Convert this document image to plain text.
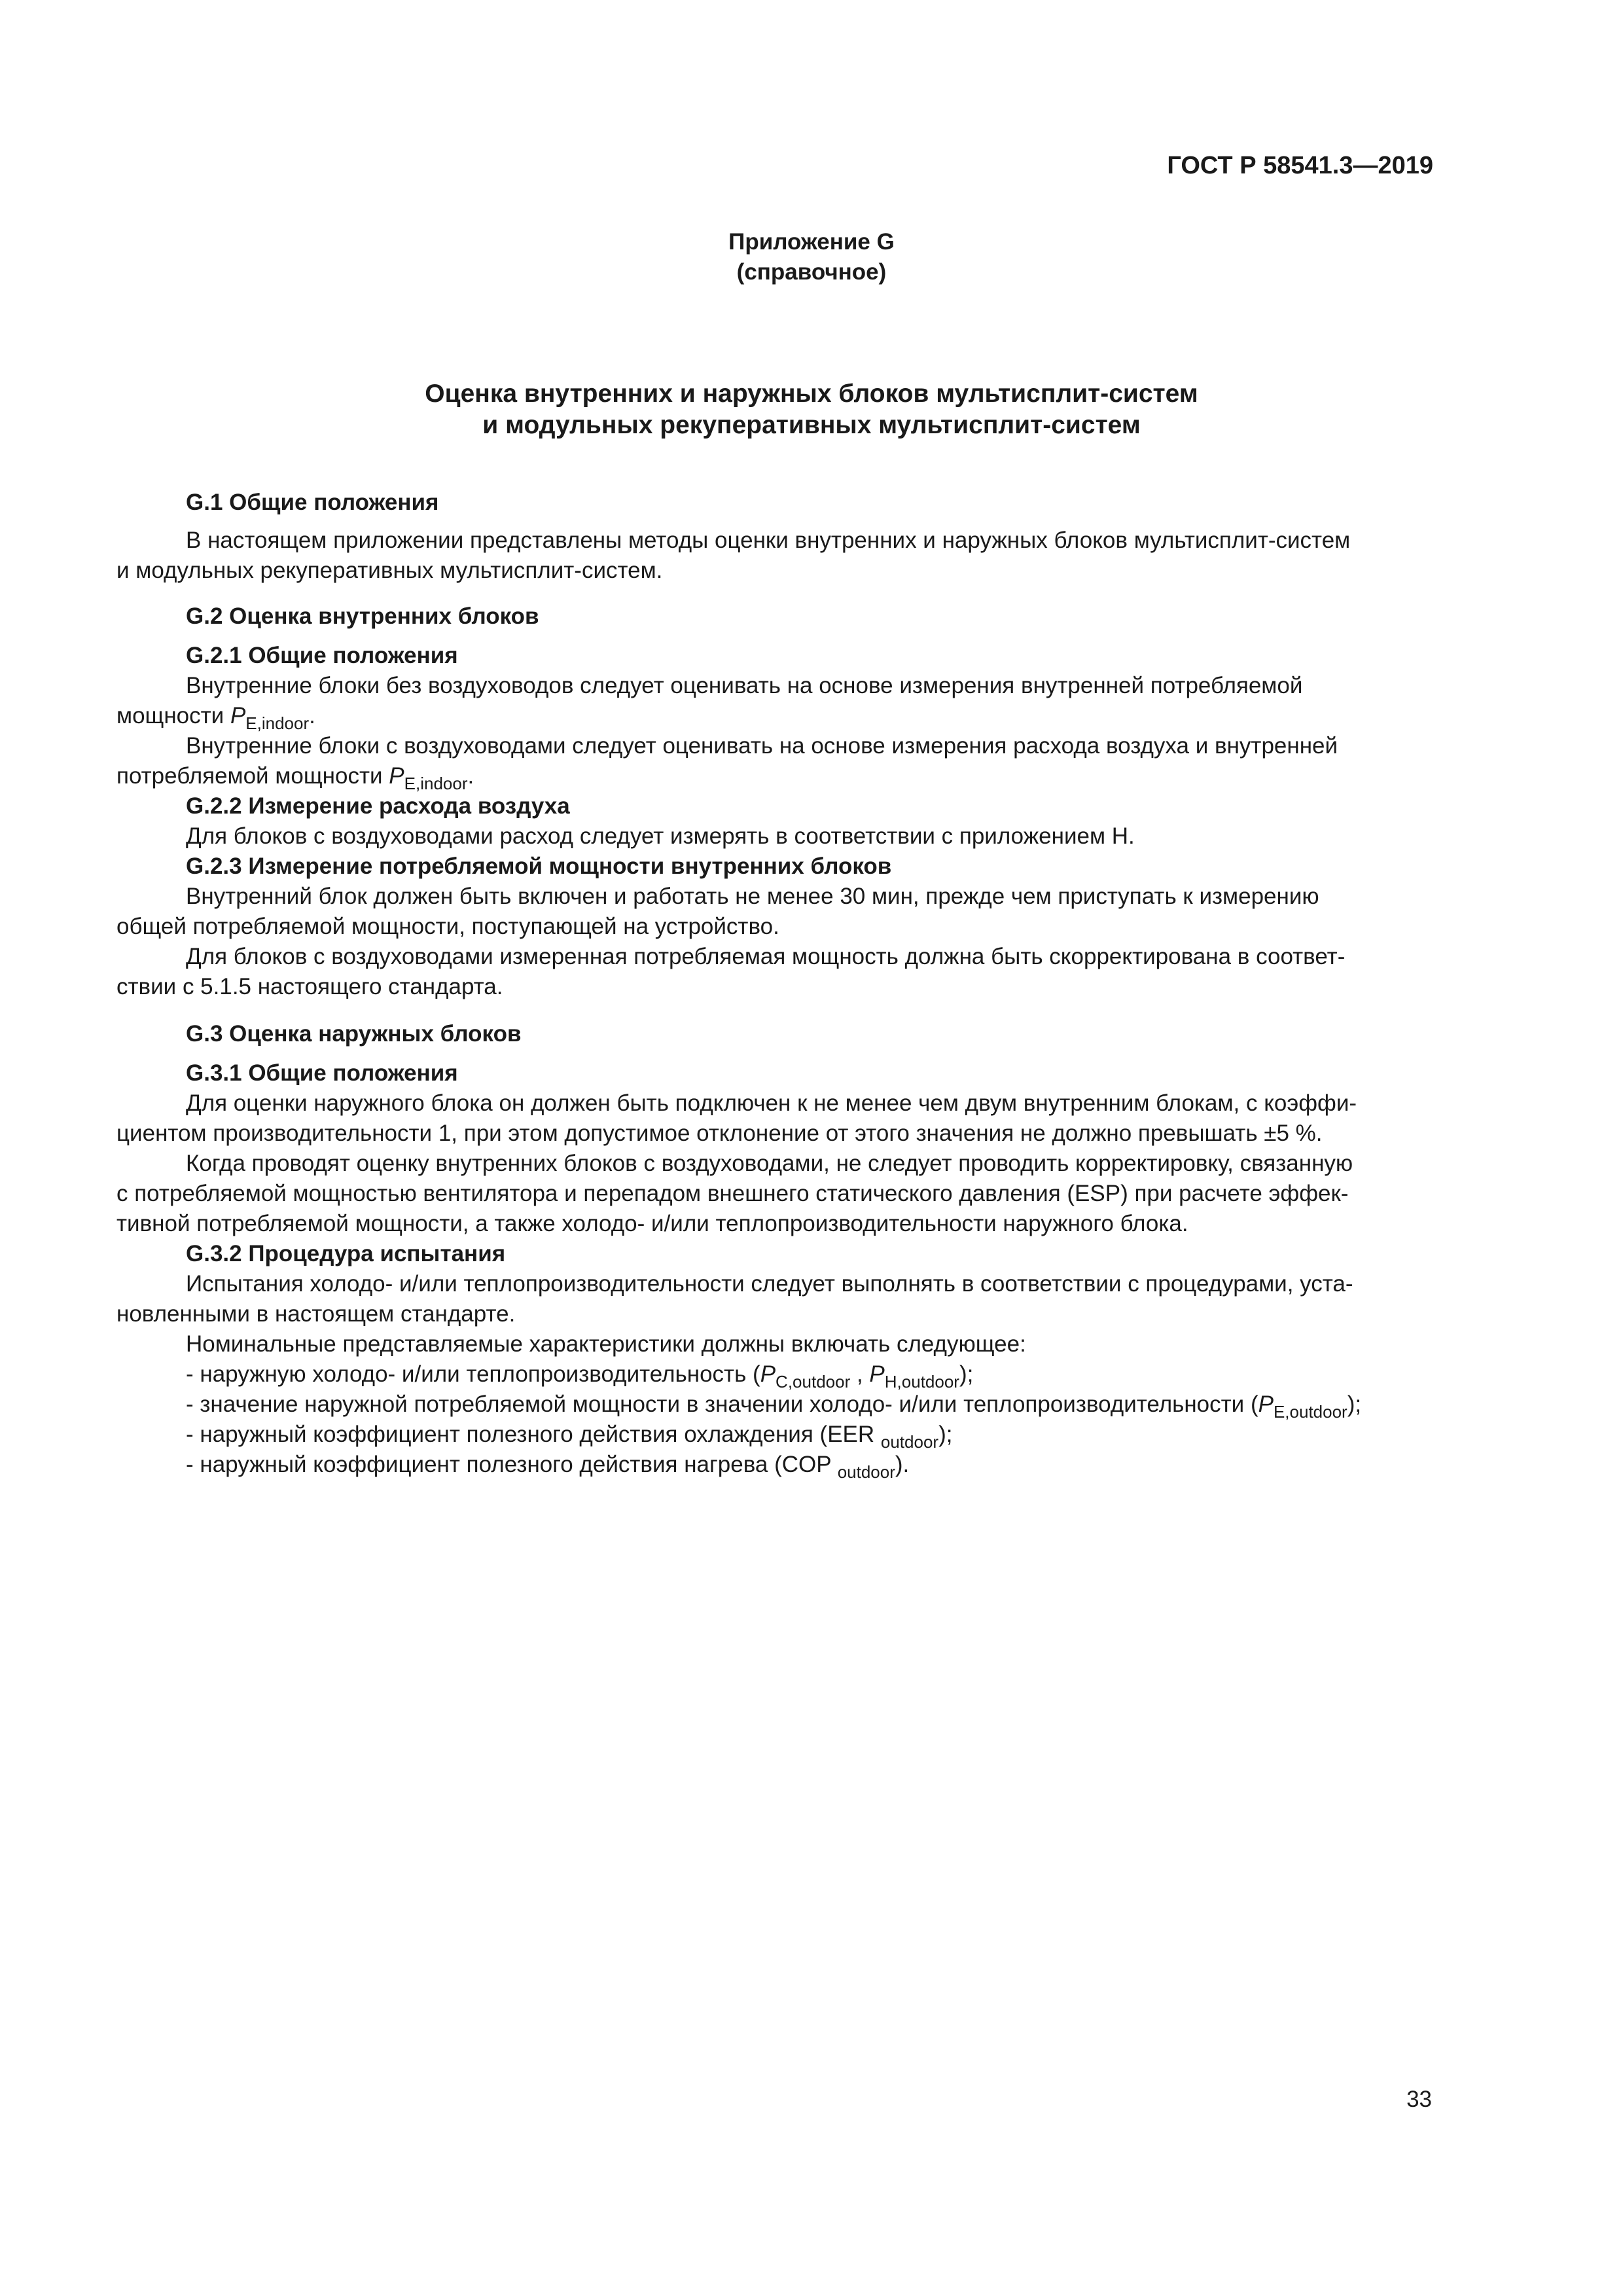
ГОСТ Р 58541.3—2019
Приложение G
(справочное)
Оценка внутренних и наружных блоков мультисплит-систем
и модульных рекуперативных мультисплит-систем
G.1 Общие положения
В настоящем приложении представлены методы оценки внутренних и наружных блоков мультисплит-систем
и модульных рекуперативных мультисплит-систем.
G.2 Оценка внутренних блоков
G.2.1 Общие положения
Внутренние блоки без воздуховодов следует оценивать на основе измерения внутренней потребляемой
мощности $P_{E,indoor}$.
Внутренние блоки с воздуховодами следует оценивать на основе измерения расхода воздуха и внутренней
потребляемой мощности $P_{E,indoor}$.
G.2.2 Измерение расхода воздуха
Для блоков с воздуховодами расход следует измерять в соответствии с приложением Н.
G.2.3 Измерение потребляемой мощности внутренних блоков
Внутренний блок должен быть включен и работать не менее 30 мин, прежде чем приступать к измерению
общей потребляемой мощности, поступающей на устройство.
Для блоков с воздуховодами измеренная потребляемая мощность должна быть скорректирована в соответ-
ствии с 5.1.5 настоящего стандарта.
G.3 Оценка наружных блоков
G.3.1 Общие положения
Для оценки наружного блока он должен быть подключен к не менее чем двум внутренним блокам, с коэффи-
циентом производительности 1, при этом допустимое отклонение от этого значения не должно превышать ±5 %.
Когда проводят оценку внутренних блоков с воздуховодами, не следует проводить корректировку, связанную
с потребляемой мощностью вентилятора и перепадом внешнего статического давления (ESP) при расчете эффек-
тивной потребляемой мощности, а также холодо- и/или теплопроизводительности наружного блока.
G.3.2 Процедура испытания
Испытания холодо- и/или теплопроизводительности следует выполнять в соответствии с процедурами, уста-
новленными в настоящем стандарте.
Номинальные представляемые характеристики должны включать следующее:
- наружную холодо- и/или теплопроизводительность ($P_{C,outdoor}$ , $P_{H,outdoor}$);
- значение наружной потребляемой мощности в значении холодо- и/или теплопроизводительности $(P_{E,outdoor})$;
- наружный коэффициент полезного действия охлаждения (EER $_{outdoor}$);
- наружный коэффициент полезного действия нагрева (COP $_{outdoor}$).
33
